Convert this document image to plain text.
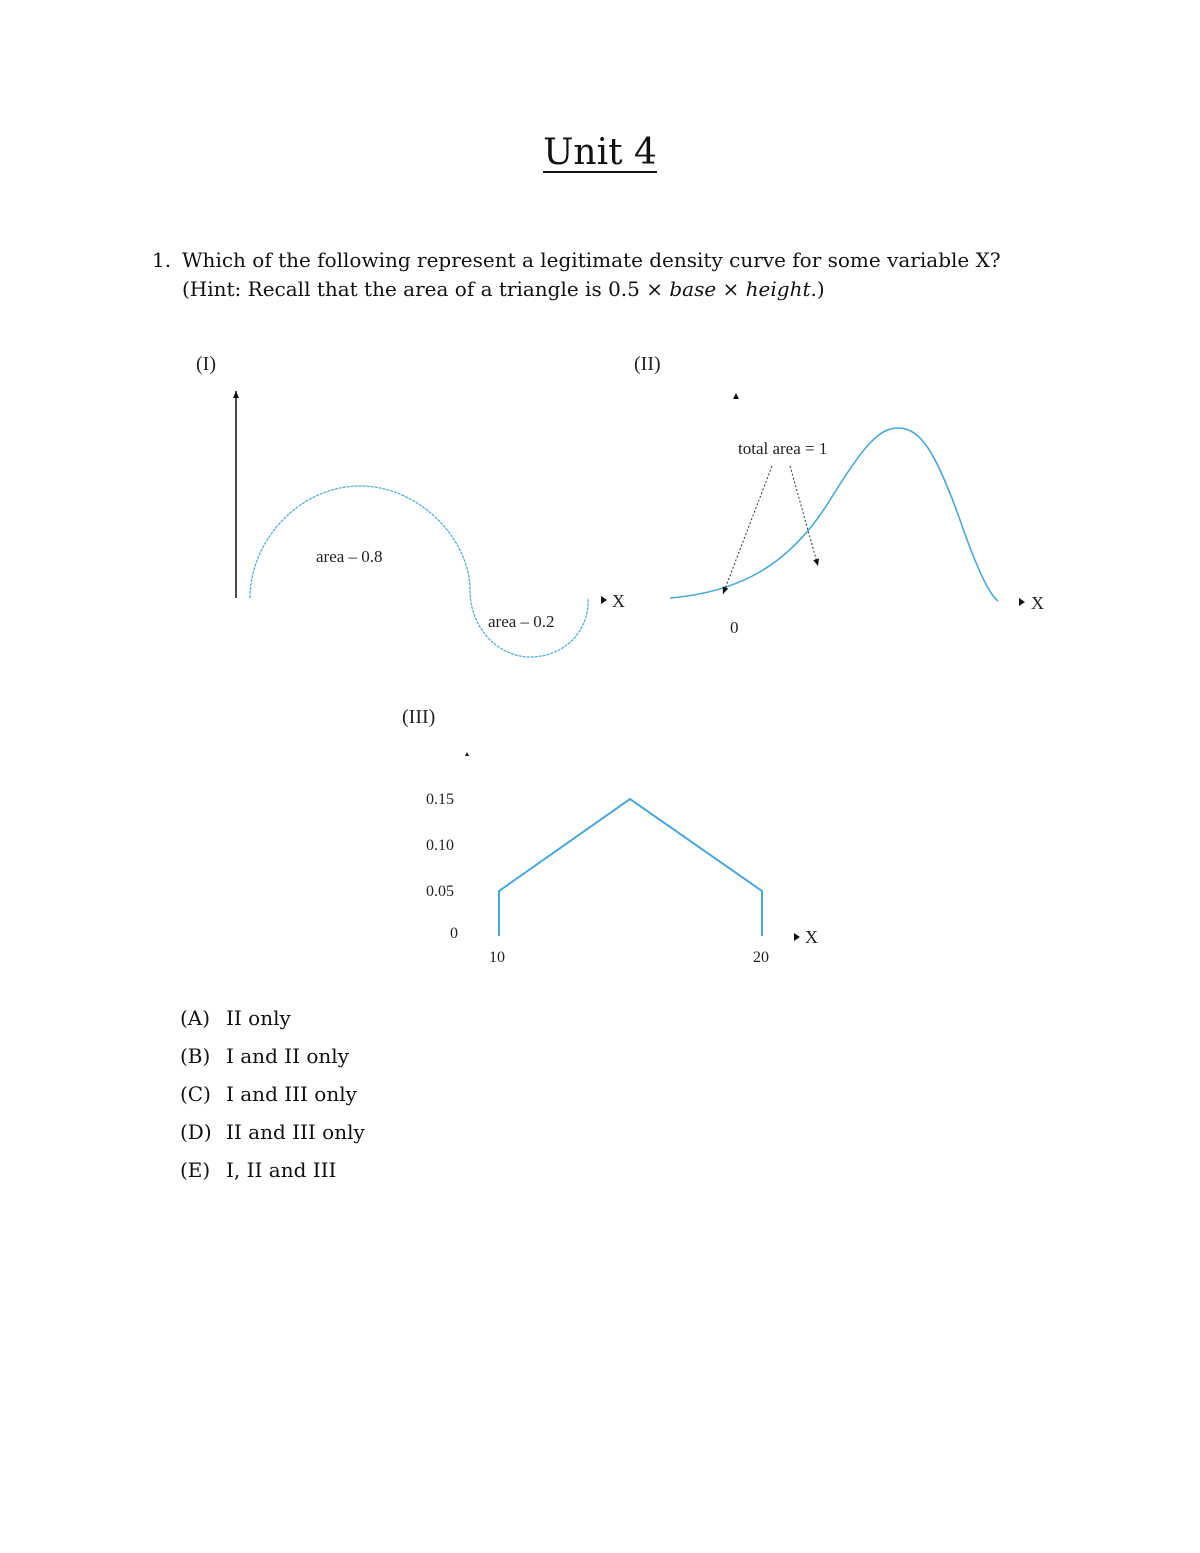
Unit 4
1. Which of the following represent a legitimate density curve for some variable X?
(Hint: Recall that the area of a triangle is 0.5 × base × height.)
(I)
area – 0.8
area – 0.2
X
(II)
total area = 1
0
X
(III)
0.15
0.10
0.05
0
10	20
X
(A) II only
(B) I and II only
(C) I and III only
(D) II and III only
(E) I, II and III
